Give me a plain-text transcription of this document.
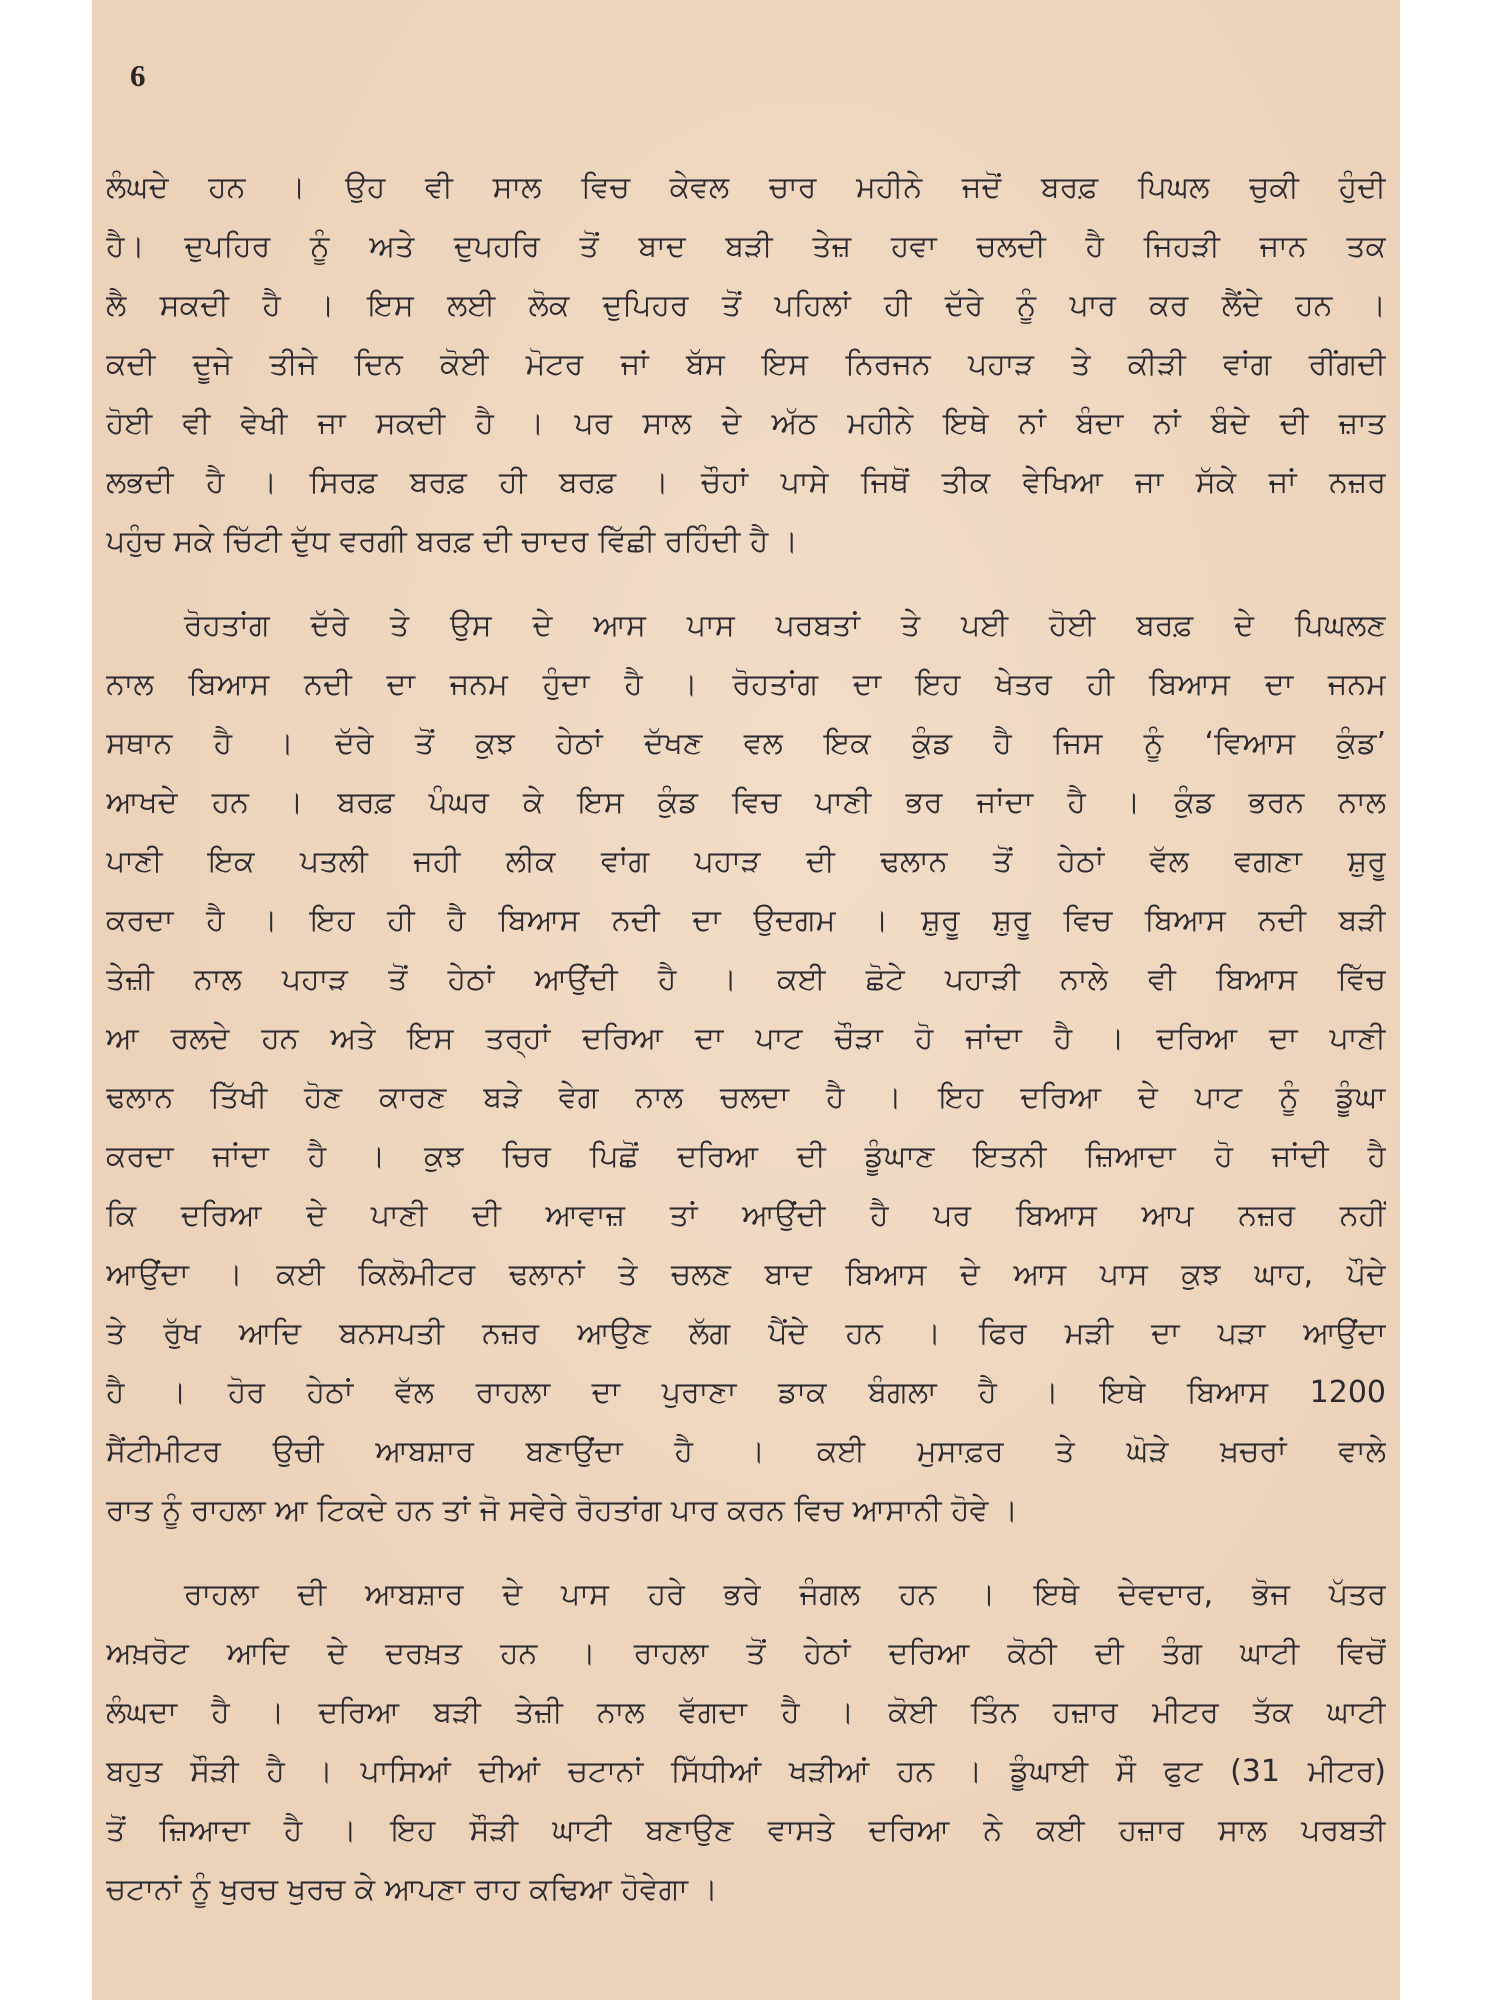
6
ਲੰਘਦੇ ਹਨ । ਉਹ ਵੀ ਸਾਲ ਵਿਚ ਕੇਵਲ ਚਾਰ ਮਹੀਨੇ ਜਦੋਂ ਬਰਫ਼ ਪਿਘਲ ਚੁਕੀ ਹੁੰਦੀ
ਹੈ। ਦੁਪਹਿਰ ਨੂੰ ਅਤੇ ਦੁਪਹਰਿ ਤੋਂ ਬਾਦ ਬੜੀ ਤੇਜ਼ ਹਵਾ ਚਲਦੀ ਹੈ ਜਿਹੜੀ ਜਾਨ ਤਕ
ਲੈ ਸਕਦੀ ਹੈ । ਇਸ ਲਈ ਲੋਕ ਦੁਪਿਹਰ ਤੋਂ ਪਹਿਲਾਂ ਹੀ ਦੱਰੇ ਨੂੰ ਪਾਰ ਕਰ ਲੈਂਦੇ ਹਨ ।
ਕਦੀ ਦੂਜੇ ਤੀਜੇ ਦਿਨ ਕੋਈ ਮੋਟਰ ਜਾਂ ਬੱਸ ਇਸ ਨਿਰਜਨ ਪਹਾੜ ਤੇ ਕੀੜੀ ਵਾਂਗ ਰੀਂਗਦੀ
ਹੋਈ ਵੀ ਵੇਖੀ ਜਾ ਸਕਦੀ ਹੈ । ਪਰ ਸਾਲ ਦੇ ਅੱਠ ਮਹੀਨੇ ਇਥੇ ਨਾਂ ਬੰਦਾ ਨਾਂ ਬੰਦੇ ਦੀ ਜ਼ਾਤ
ਲਭਦੀ ਹੈ । ਸਿਰਫ਼ ਬਰਫ਼ ਹੀ ਬਰਫ਼ । ਚੌਹਾਂ ਪਾਸੇ ਜਿਥੋਂ ਤੀਕ ਵੇਖਿਆ ਜਾ ਸੱਕੇ ਜਾਂ ਨਜ਼ਰ
ਪਹੁੰਚ ਸਕੇ ਚਿੱਟੀ ਦੁੱਧ ਵਰਗੀ ਬਰਫ਼ ਦੀ ਚਾਦਰ ਵਿੱਛੀ ਰਹਿੰਦੀ ਹੈ ।
ਰੋਹਤਾਂਗ ਦੱਰੇ ਤੇ ਉਸ ਦੇ ਆਸ ਪਾਸ ਪਰਬਤਾਂ ਤੇ ਪਈ ਹੋਈ ਬਰਫ਼ ਦੇ ਪਿਘਲਣ
ਨਾਲ ਬਿਆਸ ਨਦੀ ਦਾ ਜਨਮ ਹੁੰਦਾ ਹੈ । ਰੋਹਤਾਂਗ ਦਾ ਇਹ ਖੇਤਰ ਹੀ ਬਿਆਸ ਦਾ ਜਨਮ
ਸਥਾਨ ਹੈ । ਦੱਰੇ ਤੋਂ ਕੁਝ ਹੇਠਾਂ ਦੱਖਣ ਵਲ ਇਕ ਕੁੰਡ ਹੈ ਜਿਸ ਨੂੰ ‘ਵਿਆਸ ਕੁੰਡ’
ਆਖਦੇ ਹਨ । ਬਰਫ਼ ਪੰਘਰ ਕੇ ਇਸ ਕੁੰਡ ਵਿਚ ਪਾਣੀ ਭਰ ਜਾਂਦਾ ਹੈ । ਕੁੰਡ ਭਰਨ ਨਾਲ
ਪਾਣੀ ਇਕ ਪਤਲੀ ਜਹੀ ਲੀਕ ਵਾਂਗ ਪਹਾੜ ਦੀ ਢਲਾਨ ਤੋਂ ਹੇਠਾਂ ਵੱਲ ਵਗਣਾ ਸ਼ੁਰੂ
ਕਰਦਾ ਹੈ । ਇਹ ਹੀ ਹੈ ਬਿਆਸ ਨਦੀ ਦਾ ਉਦਗਮ । ਸ਼ੁਰੂ ਸ਼ੁਰੂ ਵਿਚ ਬਿਆਸ ਨਦੀ ਬੜੀ
ਤੇਜ਼ੀ ਨਾਲ ਪਹਾੜ ਤੋਂ ਹੇਠਾਂ ਆਉਂਦੀ ਹੈ । ਕਈ ਛੋਟੇ ਪਹਾੜੀ ਨਾਲੇ ਵੀ ਬਿਆਸ ਵਿੱਚ
ਆ ਰਲਦੇ ਹਨ ਅਤੇ ਇਸ ਤਰ੍ਹਾਂ ਦਰਿਆ ਦਾ ਪਾਟ ਚੌੜਾ ਹੋ ਜਾਂਦਾ ਹੈ । ਦਰਿਆ ਦਾ ਪਾਣੀ
ਢਲਾਨ ਤਿੱਖੀ ਹੋਣ ਕਾਰਣ ਬੜੇ ਵੇਗ ਨਾਲ ਚਲਦਾ ਹੈ । ਇਹ ਦਰਿਆ ਦੇ ਪਾਟ ਨੂੰ ਡੂੰਘਾ
ਕਰਦਾ ਜਾਂਦਾ ਹੈ । ਕੁਝ ਚਿਰ ਪਿਛੋਂ ਦਰਿਆ ਦੀ ਡੂੰਘਾਣ ਇਤਨੀ ਜ਼ਿਆਦਾ ਹੋ ਜਾਂਦੀ ਹੈ
ਕਿ ਦਰਿਆ ਦੇ ਪਾਣੀ ਦੀ ਆਵਾਜ਼ ਤਾਂ ਆਉਂਦੀ ਹੈ ਪਰ ਬਿਆਸ ਆਪ ਨਜ਼ਰ ਨਹੀਂ
ਆਉਂਦਾ । ਕਈ ਕਿਲੋਮੀਟਰ ਢਲਾਨਾਂ ਤੇ ਚਲਣ ਬਾਦ ਬਿਆਸ ਦੇ ਆਸ ਪਾਸ ਕੁਝ ਘਾਹ, ਪੌਦੇ
ਤੇ ਰੁੱਖ ਆਦਿ ਬਨਸਪਤੀ ਨਜ਼ਰ ਆਉਣ ਲੱਗ ਪੈਂਦੇ ਹਨ । ਫਿਰ ਮੜੀ ਦਾ ਪੜਾ ਆਉਂਦਾ
ਹੈ । ਹੋਰ ਹੇਠਾਂ ਵੱਲ ਰਾਹਲਾ ਦਾ ਪੁਰਾਣਾ ਡਾਕ ਬੰਗਲਾ ਹੈ । ਇਥੇ ਬਿਆਸ 1200
ਸੈਂਟੀਮੀਟਰ ਉਚੀ ਆਬਸ਼ਾਰ ਬਣਾਉਂਦਾ ਹੈ । ਕਈ ਮੁਸਾਫ਼ਰ ਤੇ ਘੋੜੇ ਖ਼ਚਰਾਂ ਵਾਲੇ
ਰਾਤ ਨੂੰ ਰਾਹਲਾ ਆ ਟਿਕਦੇ ਹਨ ਤਾਂ ਜੋ ਸਵੇਰੇ ਰੋਹਤਾਂਗ ਪਾਰ ਕਰਨ ਵਿਚ ਆਸਾਨੀ ਹੋਵੇ ।
ਰਾਹਲਾ ਦੀ ਆਬਸ਼ਾਰ ਦੇ ਪਾਸ ਹਰੇ ਭਰੇ ਜੰਗਲ ਹਨ । ਇਥੇ ਦੇਵਦਾਰ, ਭੋਜ ਪੱਤਰ
ਅਖ਼ਰੋਟ ਆਦਿ ਦੇ ਦਰਖ਼ਤ ਹਨ । ਰਾਹਲਾ ਤੋਂ ਹੇਠਾਂ ਦਰਿਆ ਕੋਠੀ ਦੀ ਤੰਗ ਘਾਟੀ ਵਿਚੋਂ
ਲੰਘਦਾ ਹੈ । ਦਰਿਆ ਬੜੀ ਤੇਜ਼ੀ ਨਾਲ ਵੱਗਦਾ ਹੈ । ਕੋਈ ਤਿੰਨ ਹਜ਼ਾਰ ਮੀਟਰ ਤੱਕ ਘਾਟੀ
ਬਹੁਤ ਸੌੜੀ ਹੈ । ਪਾਸਿਆਂ ਦੀਆਂ ਚਟਾਨਾਂ ਸਿੱਧੀਆਂ ਖੜੀਆਂ ਹਨ । ਡੂੰਘਾਈ ਸੌ ਫੁਟ (31 ਮੀਟਰ)
ਤੋਂ ਜ਼ਿਆਦਾ ਹੈ । ਇਹ ਸੌੜੀ ਘਾਟੀ ਬਣਾਉਣ ਵਾਸਤੇ ਦਰਿਆ ਨੇ ਕਈ ਹਜ਼ਾਰ ਸਾਲ ਪਰਬਤੀ
ਚਟਾਨਾਂ ਨੂੰ ਖੁਰਚ ਖੁਰਚ ਕੇ ਆਪਣਾ ਰਾਹ ਕਢਿਆ ਹੋਵੇਗਾ ।
